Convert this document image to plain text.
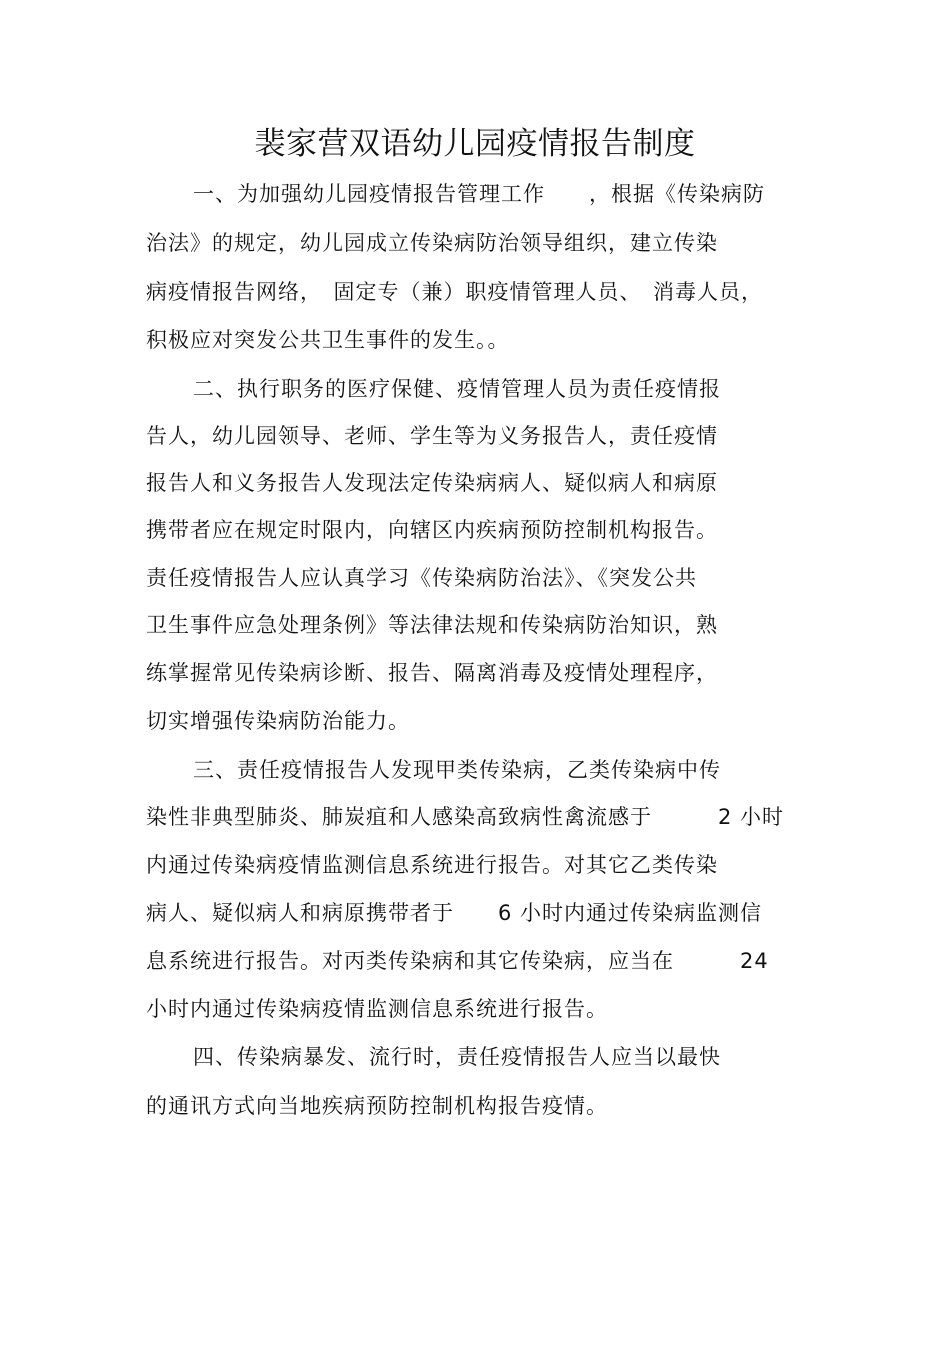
裴家营双语幼儿园疫情报告制度
一、为加强幼儿园疫情报告管理工作　　，根据《传染病防
治法》的规定，幼儿园成立传染病防治领导组织，建立传染
病疫情报告网络，　固定专（兼）职疫情管理人员、　消毒人员，
积极应对突发公共卫生事件的发生。。
二、执行职务的医疗保健、疫情管理人员为责任疫情报
告人，幼儿园领导、老师、学生等为义务报告人，责任疫情
报告人和义务报告人发现法定传染病病人、疑似病人和病原
携带者应在规定时限内，向辖区内疾病预防控制机构报告。
责任疫情报告人应认真学习《传染病防治法》、《突发公共
卫生事件应急处理条例》等法律法规和传染病防治知识，熟
练掌握常见传染病诊断、报告、隔离消毒及疫情处理程序，
切实增强传染病防治能力。
三、责任疫情报告人发现甲类传染病，乙类传染病中传
染性非典型肺炎、肺炭疽和人感染高致病性禽流感于　　　2 小时
内通过传染病疫情监测信息系统进行报告。对其它乙类传染
病人、疑似病人和病原携带者于　　6 小时内通过传染病监测信
息系统进行报告。对丙类传染病和其它传染病，应当在　　　24
小时内通过传染病疫情监测信息系统进行报告。
四、传染病暴发、流行时，责任疫情报告人应当以最快
的通讯方式向当地疾病预防控制机构报告疫情。
